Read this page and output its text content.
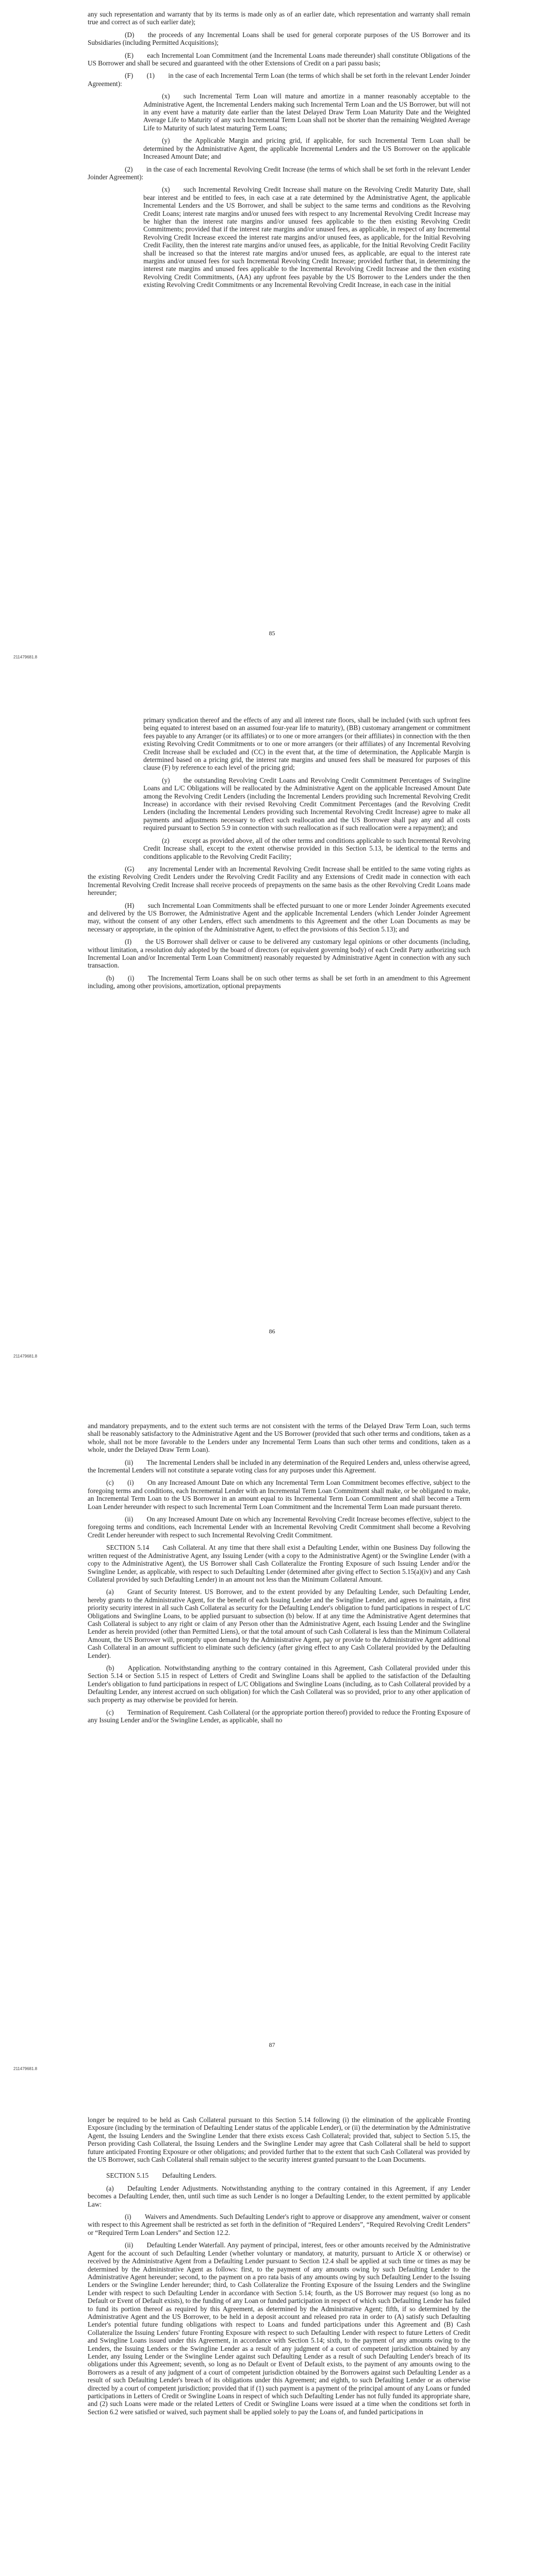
any such representation and warranty that by its terms is made only as of an earlier date, which representation and warranty shall remain true and correct as of such earlier date);

(D)  the proceeds of any Incremental Loans shall be used for general corporate purposes of the US Borrower and its Subsidiaries (including Permitted Acquisitions);

(E)  each Incremental Loan Commitment (and the Incremental Loans made thereunder) shall constitute Obligations of the US Borrower and shall be secured and guaranteed with the other Extensions of Credit on a pari passu basis;

(F)  (1)  in the case of each Incremental Term Loan (the terms of which shall be set forth in the relevant Lender Joinder Agreement):

(x)  such Incremental Term Loan will mature and amortize in a manner reasonably acceptable to the Administrative Agent, the Incremental Lenders making such Incremental Term Loan and the US Borrower, but will not in any event have a maturity date earlier than the latest Delayed Draw Term Loan Maturity Date and the Weighted Average Life to Maturity of any such Incremental Term Loan shall not be shorter than the remaining Weighted Average Life to Maturity of such latest maturing Term Loans;

(y)  the Applicable Margin and pricing grid, if applicable, for such Incremental Term Loan shall be determined by the Administrative Agent, the applicable Incremental Lenders and the US Borrower on the applicable Increased Amount Date; and

(2)  in the case of each Incremental Revolving Credit Increase (the terms of which shall be set forth in the relevant Lender Joinder Agreement):

(x)  such Incremental Revolving Credit Increase shall mature on the Revolving Credit Maturity Date, shall bear interest and be entitled to fees, in each case at a rate determined by the Administrative Agent, the applicable Incremental Lenders and the US Borrower, and shall be subject to the same terms and conditions as the Revolving Credit Loans; interest rate margins and/or unused fees with respect to any Incremental Revolving Credit Increase may be higher than the interest rate margins and/or unused fees applicable to the then existing Revolving Credit Commitments; provided that if the interest rate margins and/or unused fees, as applicable, in respect of any Incremental Revolving Credit Increase exceed the interest rate margins and/or unused fees, as applicable, for the Initial Revolving Credit Facility, then the interest rate margins and/or unused fees, as applicable, for the Initial Revolving Credit Facility shall be increased so that the interest rate margins and/or unused fees, as applicable, are equal to the interest rate margins and/or unused fees for such Incremental Revolving Credit Increase; provided further that, in determining the interest rate margins and unused fees applicable to the Incremental Revolving Credit Increase and the then existing Revolving Credit Commitments, (AA) any upfront fees payable by the US Borrower to the Lenders under the then existing Revolving Credit Commitments or any Incremental Revolving Credit Increase, in each case in the initial

85
211479681.8

primary syndication thereof and the effects of any and all interest rate floors, shall be included (with such upfront fees being equated to interest based on an assumed four-year life to maturity), (BB) customary arrangement or commitment fees payable to any Arranger (or its affiliates) or to one or more arrangers (or their affiliates) in connection with the then existing Revolving Credit Commitments or to one or more arrangers (or their affiliates) of any Incremental Revolving Credit Increase shall be excluded and (CC) in the event that, at the time of determination, the Applicable Margin is determined based on a pricing grid, the interest rate margins and unused fees shall be measured for purposes of this clause (F) by reference to each level of the pricing grid;

(y)  the outstanding Revolving Credit Loans and Revolving Credit Commitment Percentages of Swingline Loans and L/C Obligations will be reallocated by the Administrative Agent on the applicable Increased Amount Date among the Revolving Credit Lenders (including the Incremental Lenders providing such Incremental Revolving Credit Increase) in accordance with their revised Revolving Credit Commitment Percentages (and the Revolving Credit Lenders (including the Incremental Lenders providing such Incremental Revolving Credit Increase) agree to make all payments and adjustments necessary to effect such reallocation and the US Borrower shall pay any and all costs required pursuant to Section 5.9 in connection with such reallocation as if such reallocation were a repayment); and

(z)  except as provided above, all of the other terms and conditions applicable to such Incremental Revolving Credit Increase shall, except to the extent otherwise provided in this Section 5.13, be identical to the terms and conditions applicable to the Revolving Credit Facility;

(G)  any Incremental Lender with an Incremental Revolving Credit Increase shall be entitled to the same voting rights as the existing Revolving Credit Lenders under the Revolving Credit Facility and any Extensions of Credit made in connection with each Incremental Revolving Credit Increase shall receive proceeds of prepayments on the same basis as the other Revolving Credit Loans made hereunder;

(H)  such Incremental Loan Commitments shall be effected pursuant to one or more Lender Joinder Agreements executed and delivered by the US Borrower, the Administrative Agent and the applicable Incremental Lenders (which Lender Joinder Agreement may, without the consent of any other Lenders, effect such amendments to this Agreement and the other Loan Documents as may be necessary or appropriate, in the opinion of the Administrative Agent, to effect the provisions of this Section 5.13); and

(I)  the US Borrower shall deliver or cause to be delivered any customary legal opinions or other documents (including, without limitation, a resolution duly adopted by the board of directors (or equivalent governing body) of each Credit Party authorizing such Incremental Loan and/or Incremental Term Loan Commitment) reasonably requested by Administrative Agent in connection with any such transaction.

(b)  (i)  The Incremental Term Loans shall be on such other terms as shall be set forth in an amendment to this Agreement including, among other provisions, amortization, optional prepayments

86
211479681.8

and mandatory prepayments, and to the extent such terms are not consistent with the terms of the Delayed Draw Term Loan, such terms shall be reasonably satisfactory to the Administrative Agent and the US Borrower (provided that such other terms and conditions, taken as a whole, shall not be more favorable to the Lenders under any Incremental Term Loans than such other terms and conditions, taken as a whole, under the Delayed Draw Term Loan).

(ii)  The Incremental Lenders shall be included in any determination of the Required Lenders and, unless otherwise agreed, the Incremental Lenders will not constitute a separate voting class for any purposes under this Agreement.

(c)  (i)  On any Increased Amount Date on which any Incremental Term Loan Commitment becomes effective, subject to the foregoing terms and conditions, each Incremental Lender with an Incremental Term Loan Commitment shall make, or be obligated to make, an Incremental Term Loan to the US Borrower in an amount equal to its Incremental Term Loan Commitment and shall become a Term Loan Lender hereunder with respect to such Incremental Term Loan Commitment and the Incremental Term Loan made pursuant thereto.

(ii)  On any Increased Amount Date on which any Incremental Revolving Credit Increase becomes effective, subject to the foregoing terms and conditions, each Incremental Lender with an Incremental Revolving Credit Commitment shall become a Revolving Credit Lender hereunder with respect to such Incremental Revolving Credit Commitment.

SECTION 5.14  Cash Collateral. At any time that there shall exist a Defaulting Lender, within one Business Day following the written request of the Administrative Agent, any Issuing Lender (with a copy to the Administrative Agent) or the Swingline Lender (with a copy to the Administrative Agent), the US Borrower shall Cash Collateralize the Fronting Exposure of such Issuing Lender and/or the Swingline Lender, as applicable, with respect to such Defaulting Lender (determined after giving effect to Section 5.15(a)(iv) and any Cash Collateral provided by such Defaulting Lender) in an amount not less than the Minimum Collateral Amount.

(a)  Grant of Security Interest. US Borrower, and to the extent provided by any Defaulting Lender, such Defaulting Lender, hereby grants to the Administrative Agent, for the benefit of each Issuing Lender and the Swingline Lender, and agrees to maintain, a first priority security interest in all such Cash Collateral as security for the Defaulting Lender's obligation to fund participations in respect of L/C Obligations and Swingline Loans, to be applied pursuant to subsection (b) below. If at any time the Administrative Agent determines that Cash Collateral is subject to any right or claim of any Person other than the Administrative Agent, each Issuing Lender and the Swingline Lender as herein provided (other than Permitted Liens), or that the total amount of such Cash Collateral is less than the Minimum Collateral Amount, the US Borrower will, promptly upon demand by the Administrative Agent, pay or provide to the Administrative Agent additional Cash Collateral in an amount sufficient to eliminate such deficiency (after giving effect to any Cash Collateral provided by the Defaulting Lender).

(b)  Application. Notwithstanding anything to the contrary contained in this Agreement, Cash Collateral provided under this Section 5.14 or Section 5.15 in respect of Letters of Credit and Swingline Loans shall be applied to the satisfaction of the Defaulting Lender's obligation to fund participations in respect of L/C Obligations and Swingline Loans (including, as to Cash Collateral provided by a Defaulting Lender, any interest accrued on such obligation) for which the Cash Collateral was so provided, prior to any other application of such property as may otherwise be provided for herein.

(c)  Termination of Requirement. Cash Collateral (or the appropriate portion thereof) provided to reduce the Fronting Exposure of any Issuing Lender and/or the Swingline Lender, as applicable, shall no

87
211479681.8

longer be required to be held as Cash Collateral pursuant to this Section 5.14 following (i) the elimination of the applicable Fronting Exposure (including by the termination of Defaulting Lender status of the applicable Lender), or (ii) the determination by the Administrative Agent, the Issuing Lenders and the Swingline Lender that there exists excess Cash Collateral; provided that, subject to Section 5.15, the Person providing Cash Collateral, the Issuing Lenders and the Swingline Lender may agree that Cash Collateral shall be held to support future anticipated Fronting Exposure or other obligations; and provided further that to the extent that such Cash Collateral was provided by the US Borrower, such Cash Collateral shall remain subject to the security interest granted pursuant to the Loan Documents.

SECTION 5.15  Defaulting Lenders.

(a)  Defaulting Lender Adjustments. Notwithstanding anything to the contrary contained in this Agreement, if any Lender becomes a Defaulting Lender, then, until such time as such Lender is no longer a Defaulting Lender, to the extent permitted by applicable Law:

(i)  Waivers and Amendments. Such Defaulting Lender's right to approve or disapprove any amendment, waiver or consent with respect to this Agreement shall be restricted as set forth in the definition of “Required Lenders”, “Required Revolving Credit Lenders” or “Required Term Loan Lenders” and Section 12.2.

(ii)  Defaulting Lender Waterfall. Any payment of principal, interest, fees or other amounts received by the Administrative Agent for the account of such Defaulting Lender (whether voluntary or mandatory, at maturity, pursuant to Article X or otherwise) or received by the Administrative Agent from a Defaulting Lender pursuant to Section 12.4 shall be applied at such time or times as may be determined by the Administrative Agent as follows: first, to the payment of any amounts owing by such Defaulting Lender to the Administrative Agent hereunder; second, to the payment on a pro rata basis of any amounts owing by such Defaulting Lender to the Issuing Lenders or the Swingline Lender hereunder; third, to Cash Collateralize the Fronting Exposure of the Issuing Lenders and the Swingline Lender with respect to such Defaulting Lender in accordance with Section 5.14; fourth, as the US Borrower may request (so long as no Default or Event of Default exists), to the funding of any Loan or funded participation in respect of which such Defaulting Lender has failed to fund its portion thereof as required by this Agreement, as determined by the Administrative Agent; fifth, if so determined by the Administrative Agent and the US Borrower, to be held in a deposit account and released pro rata in order to (A) satisfy such Defaulting Lender's potential future funding obligations with respect to Loans and funded participations under this Agreement and (B) Cash Collateralize the Issuing Lenders' future Fronting Exposure with respect to such Defaulting Lender with respect to future Letters of Credit and Swingline Loans issued under this Agreement, in accordance with Section 5.14; sixth, to the payment of any amounts owing to the Lenders, the Issuing Lenders or the Swingline Lender as a result of any judgment of a court of competent jurisdiction obtained by any Lender, any Issuing Lender or the Swingline Lender against such Defaulting Lender as a result of such Defaulting Lender's breach of its obligations under this Agreement; seventh, so long as no Default or Event of Default exists, to the payment of any amounts owing to the Borrowers as a result of any judgment of a court of competent jurisdiction obtained by the Borrowers against such Defaulting Lender as a result of such Defaulting Lender's breach of its obligations under this Agreement; and eighth, to such Defaulting Lender or as otherwise directed by a court of competent jurisdiction; provided that if (1) such payment is a payment of the principal amount of any Loans or funded participations in Letters of Credit or Swingline Loans in respect of which such Defaulting Lender has not fully funded its appropriate share, and (2) such Loans were made or the related Letters of Credit or Swingline Loans were issued at a time when the conditions set forth in Section 6.2 were satisfied or waived, such payment shall be applied solely to pay the Loans of, and funded participations in
